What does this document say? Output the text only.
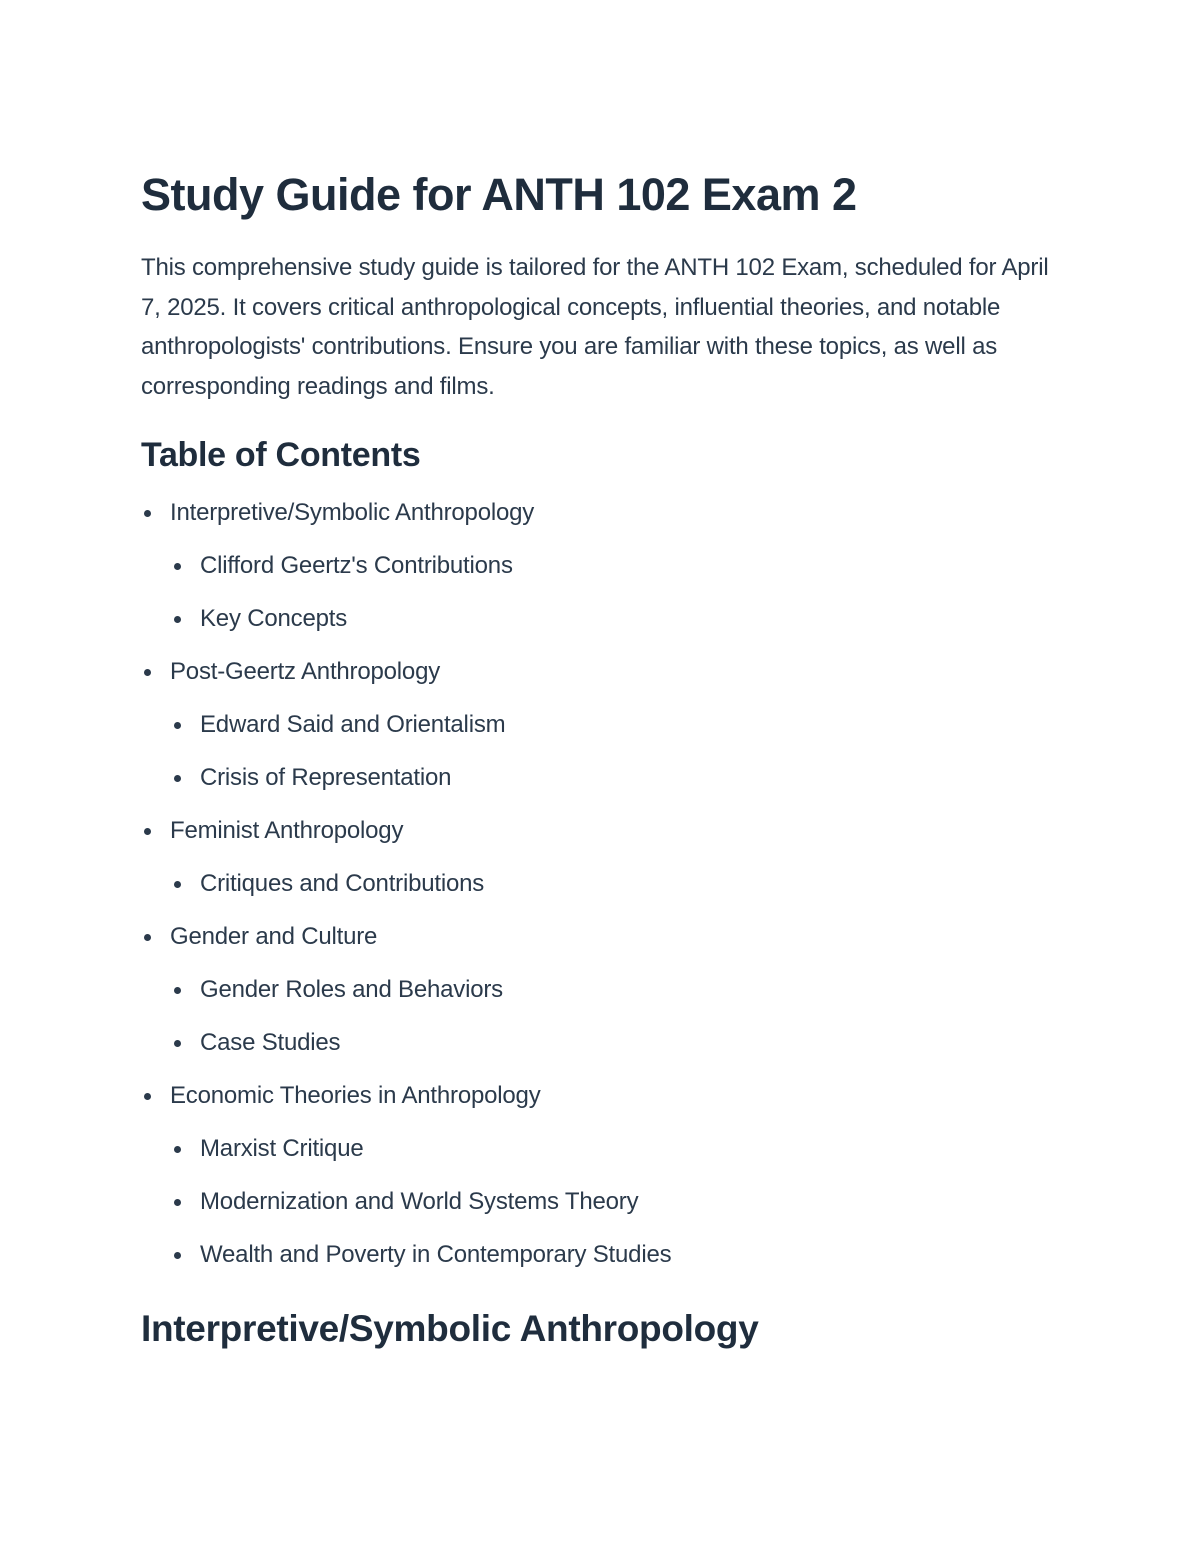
Study Guide for ANTH 102 Exam 2

This comprehensive study guide is tailored for the ANTH 102 Exam, scheduled for April 7, 2025. It covers critical anthropological concepts, influential theories, and notable anthropologists' contributions. Ensure you are familiar with these topics, as well as corresponding readings and films.

Table of Contents
Interpretive/Symbolic Anthropology
Clifford Geertz's Contributions
Key Concepts
Post-Geertz Anthropology
Edward Said and Orientalism
Crisis of Representation
Feminist Anthropology
Critiques and Contributions
Gender and Culture
Gender Roles and Behaviors
Case Studies
Economic Theories in Anthropology
Marxist Critique
Modernization and World Systems Theory
Wealth and Poverty in Contemporary Studies
Interpretive/Symbolic Anthropology
